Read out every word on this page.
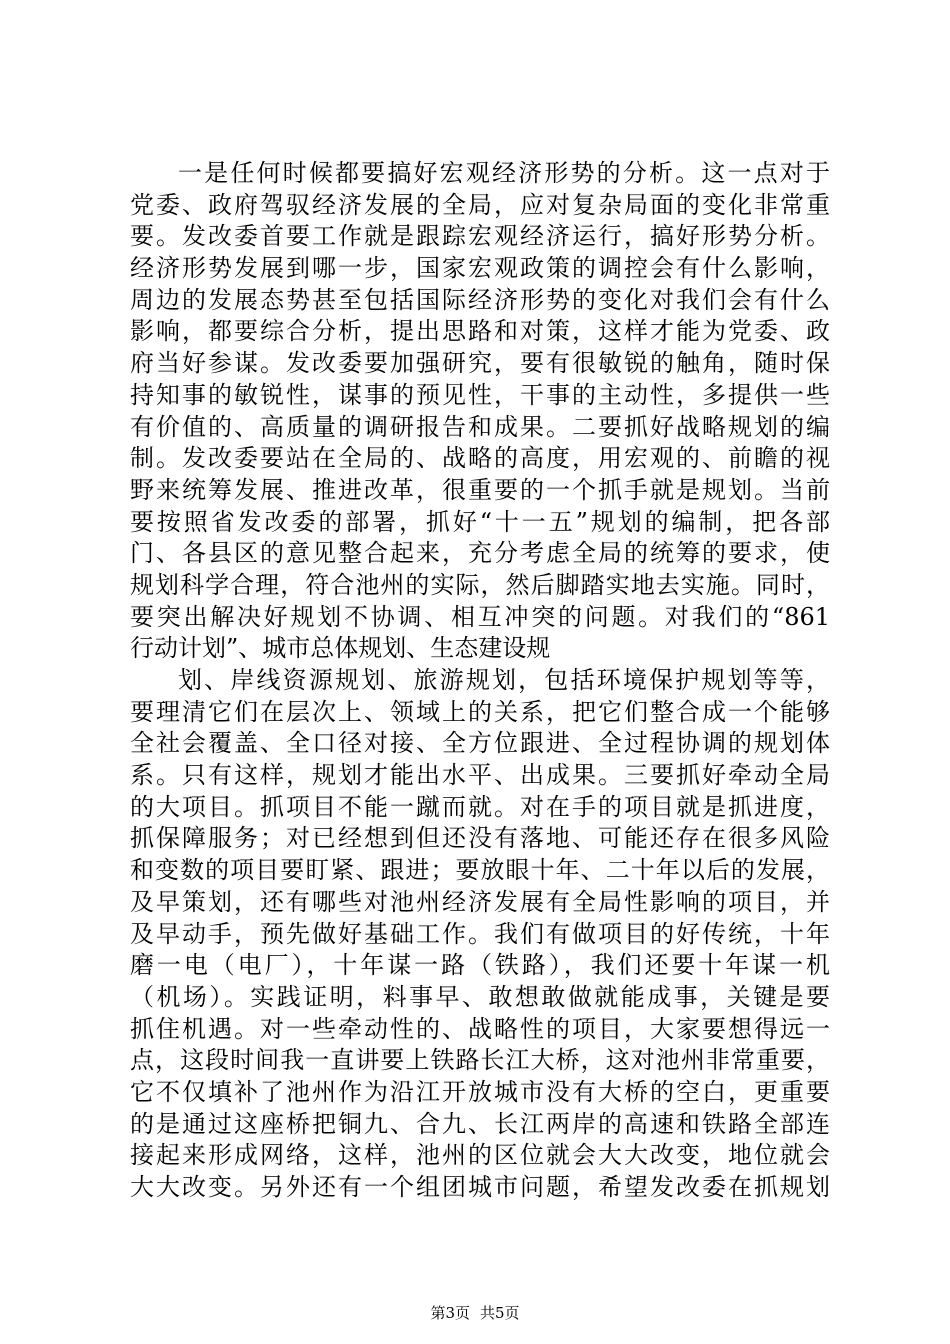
一是任何时候都要搞好宏观经济形势的分析。这一点对于
党委、政府驾驭经济发展的全局，应对复杂局面的变化非常重
要。发改委首要工作就是跟踪宏观经济运行，搞好形势分析。
经济形势发展到哪一步，国家宏观政策的调控会有什么影响，
周边的发展态势甚至包括国际经济形势的变化对我们会有什么
影响，都要综合分析，提出思路和对策，这样才能为党委、政
府当好参谋。发改委要加强研究，要有很敏锐的触角，随时保
持知事的敏锐性，谋事的预见性，干事的主动性，多提供一些
有价值的、高质量的调研报告和成果。二要抓好战略规划的编
制。发改委要站在全局的、战略的高度，用宏观的、前瞻的视
野来统筹发展、推进改革，很重要的一个抓手就是规划。当前
要按照省发改委的部署，抓好“十一五”规划的编制，把各部
门、各县区的意见整合起来，充分考虑全局的统筹的要求，使
规划科学合理，符合池州的实际，然后脚踏实地去实施。同时，
要突出解决好规划不协调、相互冲突的问题。对我们的“861
行动计划”、城市总体规划、生态建设规
划、岸线资源规划、旅游规划，包括环境保护规划等等，
要理清它们在层次上、领域上的关系，把它们整合成一个能够
全社会覆盖、全口径对接、全方位跟进、全过程协调的规划体
系。只有这样，规划才能出水平、出成果。三要抓好牵动全局
的大项目。抓项目不能一蹴而就。对在手的项目就是抓进度，
抓保障服务；对已经想到但还没有落地、可能还存在很多风险
和变数的项目要盯紧、跟进；要放眼十年、二十年以后的发展，
及早策划，还有哪些对池州经济发展有全局性影响的项目，并
及早动手，预先做好基础工作。我们有做项目的好传统，十年
磨一电（电厂），十年谋一路（铁路），我们还要十年谋一机
（机场）。实践证明，料事早、敢想敢做就能成事，关键是要
抓住机遇。对一些牵动性的、战略性的项目，大家要想得远一
点，这段时间我一直讲要上铁路长江大桥，这对池州非常重要，
它不仅填补了池州作为沿江开放城市没有大桥的空白，更重要
的是通过这座桥把铜九、合九、长江两岸的高速和铁路全部连
接起来形成网络，这样，池州的区位就会大大改变，地位就会
大大改变。另外还有一个组团城市问题，希望发改委在抓规划
第3页 共5页
